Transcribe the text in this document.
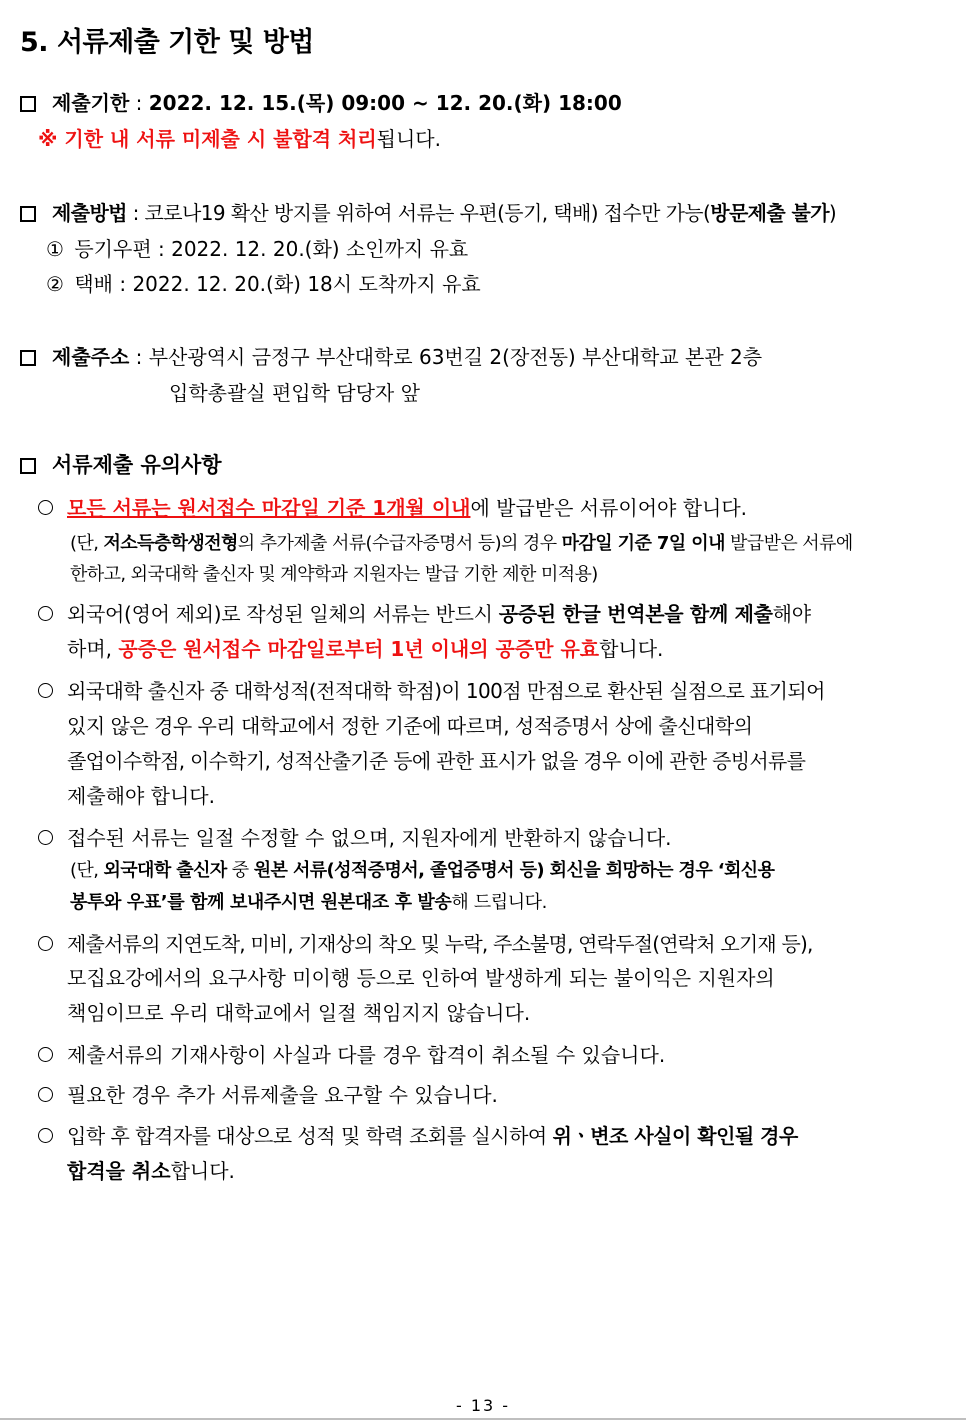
5. 서류제출 기한 및 방법
제출기한 : 2022. 12. 15.(목) 09:00 ~ 12. 20.(화) 18:00
※ 기한 내 서류 미제출 시 불합격 처리됩니다.
제출방법 : 코로나19 확산 방지를 위하여 서류는 우편(등기, 택배) 접수만 가능(방문제출 불가)
① 등기우편 : 2022. 12. 20.(화) 소인까지 유효
② 택배 : 2022. 12. 20.(화) 18시 도착까지 유효
제출주소 : 부산광역시 금정구 부산대학로 63번길 2(장전동) 부산대학교 본관 2층
입학총괄실 편입학 담당자 앞
서류제출 유의사항
모든 서류는 원서접수 마감일 기준 1개월 이내에 발급받은 서류이어야 합니다.
(단, 저소득층학생전형의 추가제출 서류(수급자증명서 등)의 경우 마감일 기준 7일 이내 발급받은 서류에
한하고, 외국대학 출신자 및 계약학과 지원자는 발급 기한 제한 미적용)
외국어(영어 제외)로 작성된 일체의 서류는 반드시 공증된 한글 번역본을 함께 제출해야
하며, 공증은 원서접수 마감일로부터 1년 이내의 공증만 유효합니다.
외국대학 출신자 중 대학성적(전적대학 학점)이 100점 만점으로 환산된 실점으로 표기되어
있지 않은 경우 우리 대학교에서 정한 기준에 따르며, 성적증명서 상에 출신대학의
졸업이수학점, 이수학기, 성적산출기준 등에 관한 표시가 없을 경우 이에 관한 증빙서류를
제출해야 합니다.
접수된 서류는 일절 수정할 수 없으며, 지원자에게 반환하지 않습니다.
(단, 외국대학 출신자 중 원본 서류(성적증명서, 졸업증명서 등) 회신을 희망하는 경우 ‘회신용
봉투와 우표’를 함께 보내주시면 원본대조 후 발송해 드립니다.
제출서류의 지연도착, 미비, 기재상의 착오 및 누락, 주소불명, 연락두절(연락처 오기재 등),
모집요강에서의 요구사항 미이행 등으로 인하여 발생하게 되는 불이익은 지원자의
책임이므로 우리 대학교에서 일절 책임지지 않습니다.
제출서류의 기재사항이 사실과 다를 경우 합격이 취소될 수 있습니다.
필요한 경우 추가 서류제출을 요구할 수 있습니다.
입학 후 합격자를 대상으로 성적 및 학력 조회를 실시하여 위ㆍ변조 사실이 확인될 경우
합격을 취소합니다.
- 13 -
